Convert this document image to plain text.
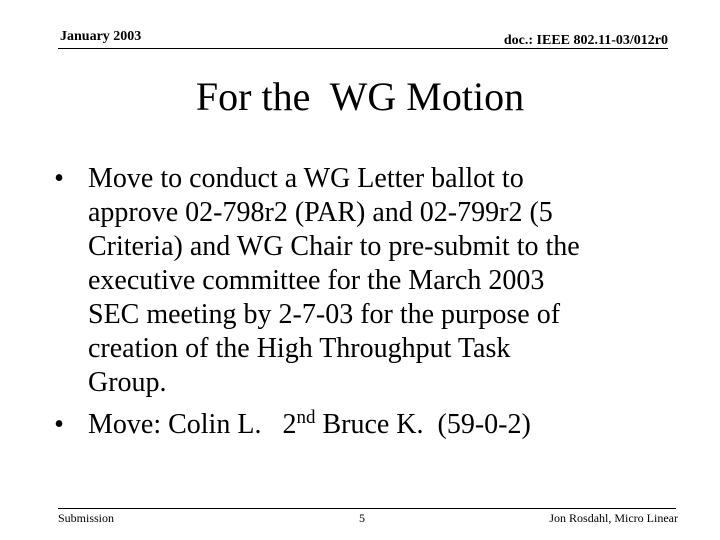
January 2003	doc.: IEEE 802.11-03/012r0
For the  WG Motion
• Move to conduct a WG Letter ballot to
approve 02-798r2 (PAR) and 02-799r2 (5
Criteria) and WG Chair to pre-submit to the
executive committee for the March 2003
SEC meeting by 2-7-03 for the purpose of
creation of the High Throughput Task
Group.
• Move: Colin L.   2nd Bruce K.  (59-0-2)
Submission	5	Jon Rosdahl, Micro Linear
